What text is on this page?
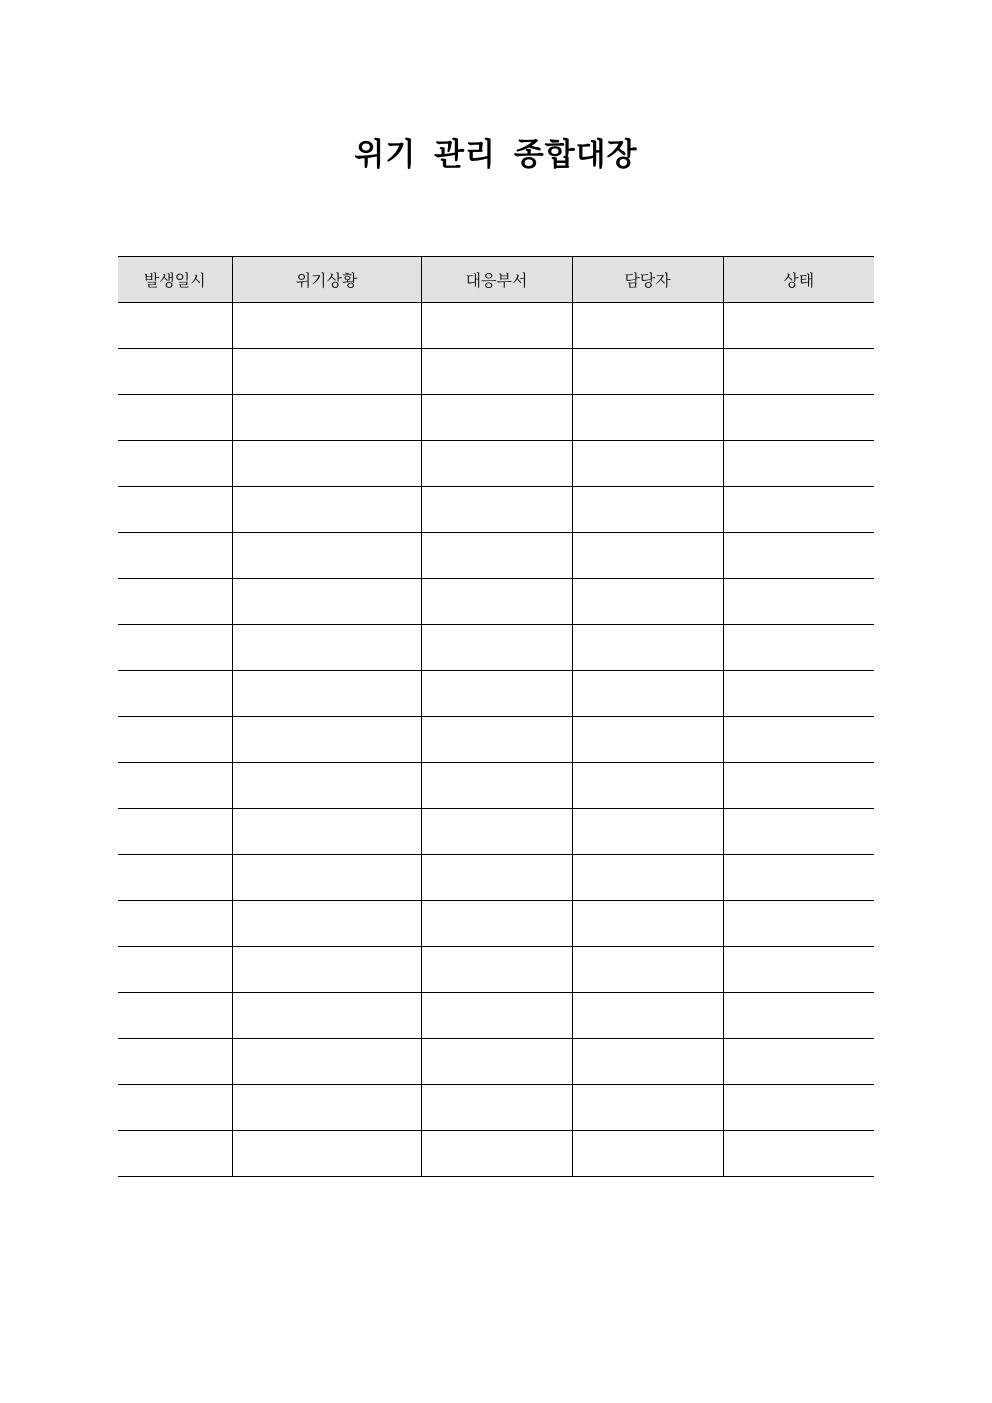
위기 관리 종합대장
발생일시	위기상황	대응부서	담당자	상태
